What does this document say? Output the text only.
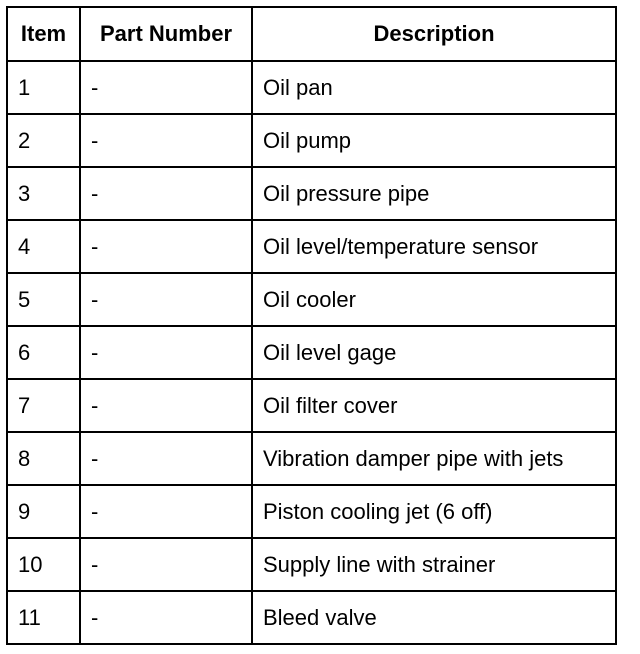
Item	Part Number	Description
1	-	Oil pan
2	-	Oil pump
3	-	Oil pressure pipe
4	-	Oil level/temperature sensor
5	-	Oil cooler
6	-	Oil level gage
7	-	Oil filter cover
8	-	Vibration damper pipe with jets
9	-	Piston cooling jet (6 off)
10	-	Supply line with strainer
11	-	Bleed valve
